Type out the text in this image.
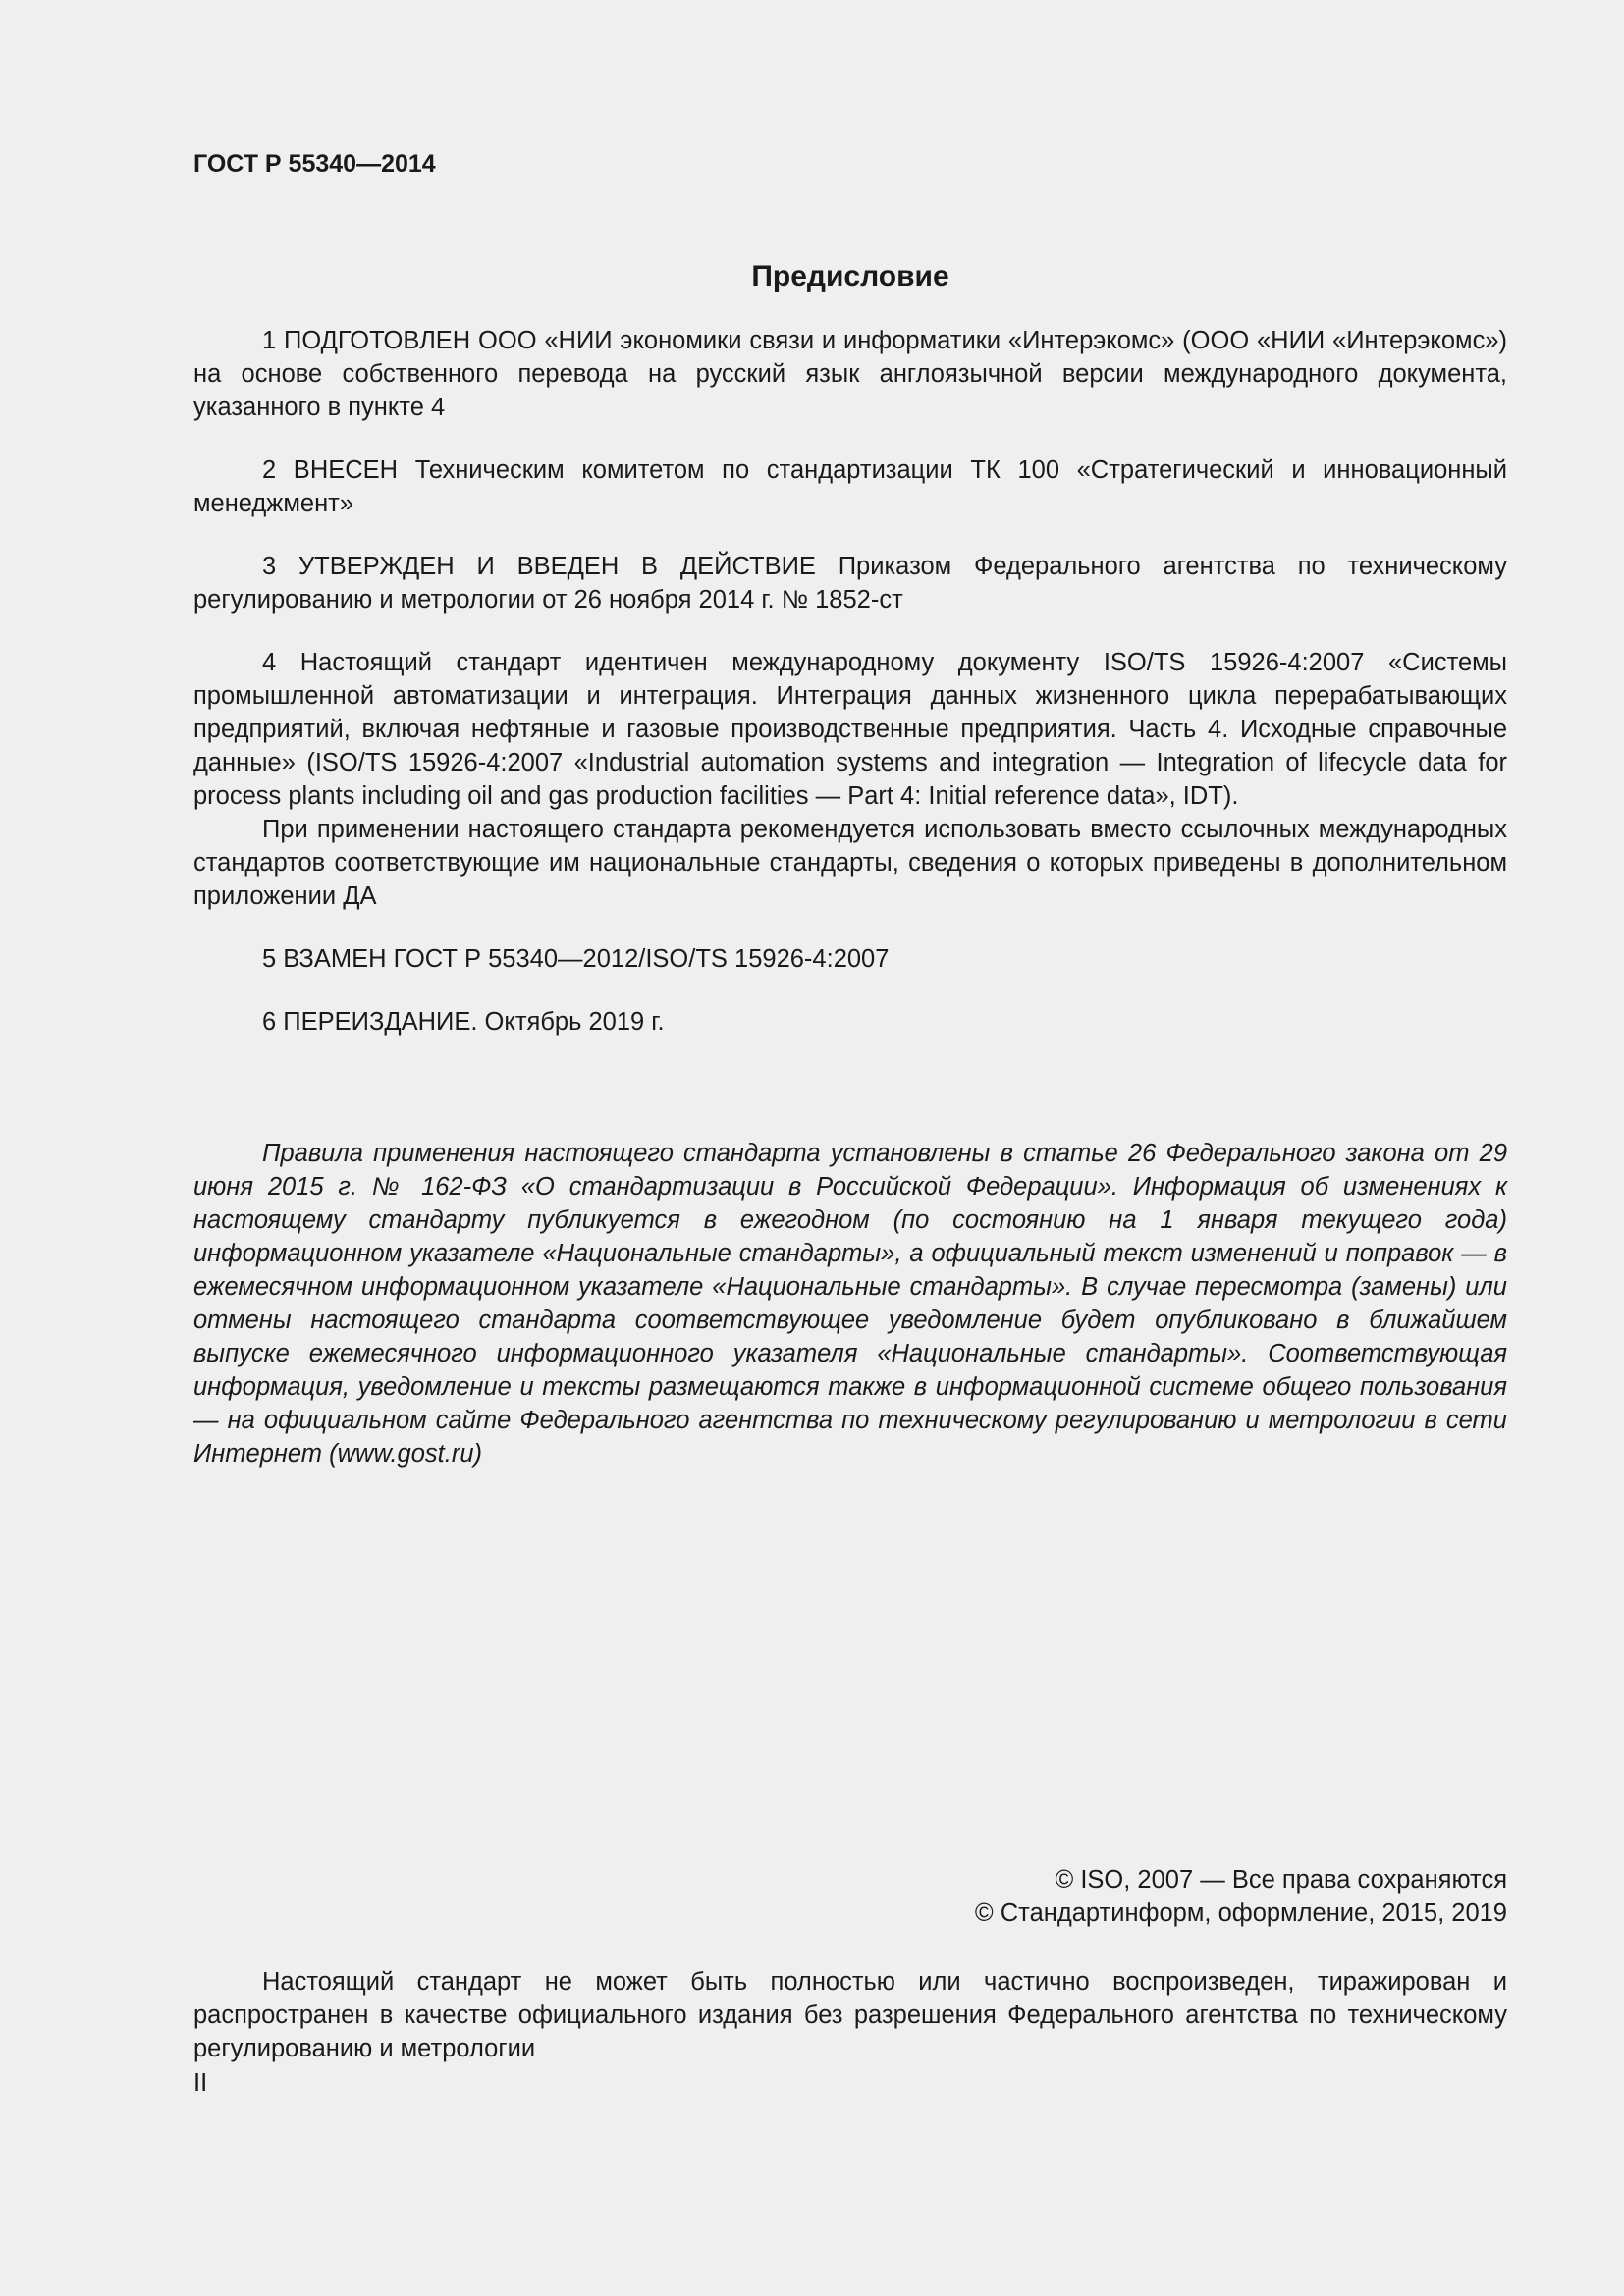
ГОСТ Р 55340—2014

Предисловие

1 ПОДГОТОВЛЕН ООО «НИИ экономики связи и информатики «Интерэкомс» (ООО «НИИ «Интерэкомс») на основе собственного перевода на русский язык англоязычной версии международного документа, указанного в пункте 4

2 ВНЕСЕН Техническим комитетом по стандартизации ТК 100 «Стратегический и инновационный менеджмент»

3 УТВЕРЖДЕН И ВВЕДЕН В ДЕЙСТВИЕ Приказом Федерального агентства по техническому регулированию и метрологии от 26 ноября 2014 г. № 1852-ст

4 Настоящий стандарт идентичен международному документу ISO/TS 15926-4:2007 «Системы промышленной автоматизации и интеграция. Интеграция данных жизненного цикла перерабатывающих предприятий, включая нефтяные и газовые производственные предприятия. Часть 4. Исходные справочные данные» (ISO/TS 15926-4:2007 «Industrial automation systems and integration — Integration of lifecycle data for process plants including oil and gas production facilities — Part 4: Initial reference data», IDT).

При применении настоящего стандарта рекомендуется использовать вместо ссылочных международных стандартов соответствующие им национальные стандарты, сведения о которых приведены в дополнительном приложении ДА

5 ВЗАМЕН ГОСТ Р 55340—2012/ISO/TS 15926-4:2007

6 ПЕРЕИЗДАНИЕ. Октябрь 2019 г.

Правила применения настоящего стандарта установлены в статье 26 Федерального закона от 29 июня 2015 г. № 162-ФЗ «О стандартизации в Российской Федерации». Информация об изменениях к настоящему стандарту публикуется в ежегодном (по состоянию на 1 января текущего года) информационном указателе «Национальные стандарты», а официальный текст изменений и поправок — в ежемесячном информационном указателе «Национальные стандарты». В случае пересмотра (замены) или отмены настоящего стандарта соответствующее уведомление будет опубликовано в ближайшем выпуске ежемесячного информационного указателя «Национальные стандарты». Соответствующая информация, уведомление и тексты размещаются также в информационной системе общего пользования — на официальном сайте Федерального агентства по техническому регулированию и метрологии в сети Интернет (www.gost.ru)

© ISO, 2007 — Все права сохраняются
© Стандартинформ, оформление, 2015, 2019

Настоящий стандарт не может быть полностью или частично воспроизведен, тиражирован и распространен в качестве официального издания без разрешения Федерального агентства по техническому регулированию и метрологии

II
